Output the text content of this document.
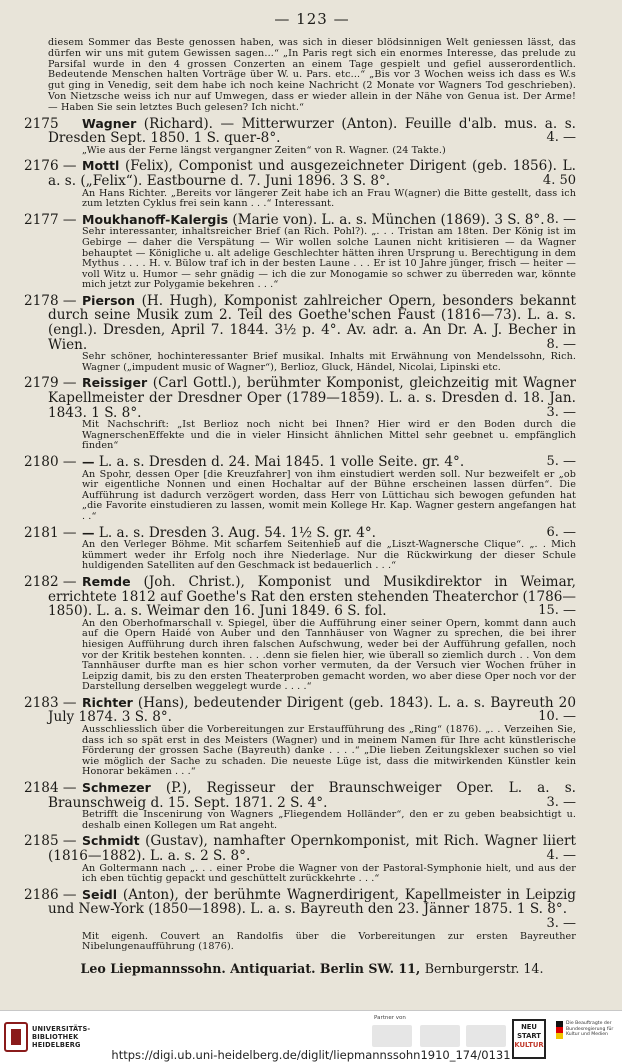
— 123 —

diesem Sommer das Beste genossen haben, was sich in dieser blödsinnigen Welt geniessen lässt, das dürfen wir uns mit gutem Gewissen sagen...“ „In Paris regt sich ein enormes Interesse, das prelude zu Parsifal wurde in den 4 grossen Conzerten an einem Tage gespielt und gefiel ausserordentlich. Bedeutende Menschen halten Vorträge über W. u. Pars. etc...“ „Bis vor 3 Wochen weiss ich dass es W.s gut ging in Venedig, seit dem habe ich noch keine Nachricht (2 Monate vor Wagners Tod geschrieben). Von Nietzsche weiss ich nur auf Umwegen, dass er wieder allein in der Nähe von Genua ist. Der Arme! — Haben Sie sein letztes Buch gelesen? Ich nicht.“

2175 Wagner (Richard). — Mitterwurzer (Anton). Feuille d'alb. mus. a. s. Dresden Sept. 1850. 1 S. quer-8°.	4. —

„Wie aus der Ferne längst vergangner Zeiten“ von R. Wagner. (24 Takte.)

2176 — Mottl (Felix), Componist und ausgezeichneter Dirigent (geb. 1856). L. a. s. („Felix“). Eastbourne d. 7. Juni 1896. 3 S. 8°.	4. 50

An Hans Richter. „Bereits vor längerer Zeit habe ich an Frau W(agner) die Bitte gestellt, dass ich zum letzten Cyklus frei sein kann . . .“ Interessant.

2177 — Moukhanoff-Kalergis (Marie von). L. a. s. München (1869). 3 S. 8°. 8. —

Sehr interessanter, inhaltsreicher Brief (an Rich. Pohl?). „. . . Tristan am 18ten. Der König ist im Gebirge — daher die Verspätung — Wir wollen solche Launen nicht kritisieren — da Wagner behauptet — Königliche u. alt adelige Geschlechter hätten ihren Ursprung u. Berechtigung in dem Mythus . . . . H. v. Bülow traf ich in der besten Laune . . . Er ist 10 Jahre jünger, frisch — heiter — voll Witz u. Humor — sehr gnädig — ich die zur Monogamie so schwer zu überreden war, könnte mich jetzt zur Polygamie bekehren . . .“

2178 — Pierson (H. Hugh), Komponist zahlreicher Opern, besonders bekannt durch seine Musik zum 2. Teil des Goethe'schen Faust (1816—73). L. a. s. (engl.). Dresden, April 7. 1844. 3½ p. 4°. Av. adr. a. An Dr. A. J. Becher in Wien.	8. —

Sehr schöner, hochinteressanter Brief musikal. Inhalts mit Erwähnung von Mendelssohn, Rich. Wagner („impudent music of Wagner“), Berlioz, Gluck, Händel, Nicolai, Lipinski etc.

2179 — Reissiger (Carl Gottl.), berühmter Komponist, gleichzeitig mit Wagner Kapellmeister der Dresdner Oper (1789—1859). L. a. s. Dresden d. 18. Jan. 1843. 1 S. 8°.	3. —

Mit Nachschrift: „Ist Berlioz noch nicht bei Ihnen? Hier wird er den Boden durch die WagnerschenEffekte und die in vieler Hinsicht ähnlichen Mittel sehr geebnet u. empfänglich finden“

2180 — — L. a. s. Dresden d. 24. Mai 1845. 1 volle Seite. gr. 4°.	5. —

An Spohr, dessen Oper [die Kreuzfahrer] von ihm einstudiert werden soll. Nur bezweifelt er „ob wir eigentliche Nonnen und einen Hochaltar auf der Bühne erscheinen lassen dürfen“. Die Aufführung ist dadurch verzögert worden, dass Herr von Lüttichau sich bewogen gefunden hat „die Favorite einstudieren zu lassen, womit mein Kollege Hr. Kap. Wagner gestern angefangen hat . .“

2181 — — L. a. s. Dresden 3. Aug. 54. 1½ S. gr. 4°.	6. —

An den Verleger Böhme. Mit scharfem Seitenhieb auf die „Liszt-Wagnersche Clique“. „. . Mich kümmert weder ihr Erfolg noch ihre Niederlage. Nur die Rückwirkung der dieser Schule huldigenden Satelliten auf den Geschmack ist bedauerlich . . .“

2182 — Remde (Joh. Christ.), Komponist und Musikdirektor in Weimar, errichtete 1812 auf Goethe's Rat den ersten stehenden Theaterchor (1786—1850). L. a. s. Weimar den 16. Juni 1849. 6 S. fol.	15. —

An den Oberhofmarschall v. Spiegel, über die Aufführung einer seiner Opern, kommt dann auch auf die Opern Haidé von Auber und den Tannhäuser von Wagner zu sprechen, die bei ihrer hiesigen Aufführung durch ihren falschen Aufschwung, weder bei der Aufführung gefallen, noch vor der Kritik bestehen konnten. . . .denn sie fielen hier, wie überall so ziemlich durch . . Von dem Tannhäuser durfte man es hier schon vorher vermuten, da der Versuch vier Wochen früher in Leipzig damit, bis zu den ersten Theaterproben gemacht worden, wo aber diese Oper noch vor der Darstellung derselben weggelegt wurde . . . .“

2183 — Richter (Hans), bedeutender Dirigent (geb. 1843). L. a. s. Bayreuth 20 July 1874. 3 S. 8°.	10. —

Ausschliesslich über die Vorbereitungen zur Erstaufführung des „Ring“ (1876). „. . Verzeihen Sie, dass ich so spät erst in des Meisters (Wagner) und in meinem Namen für Ihre acht künstlerische Förderung der grossen Sache (Bayreuth) danke . . . .“ „Die lieben Zeitungsklexer suchen so viel wie möglich der Sache zu schaden. Die neueste Lüge ist, dass die mitwirkenden Künstler kein Honorar bekämen . . .“

2184 — Schmezer (P.), Regisseur der Braunschweiger Oper. L. a. s. Braunschweig d. 15. Sept. 1871. 2 S. 4°.	3. —

Betrifft die Inscenirung von Wagners „Fliegendem Holländer“, den er zu geben beabsichtigt u. deshalb einen Kollegen um Rat angeht.

2185 — Schmidt (Gustav), namhafter Opernkomponist, mit Rich. Wagner liiert (1816—1882). L. a. s. 2 S. 8°.	4. —

An Goltermann nach „. . . einer Probe die Wagner von der Pastoral-Symphonie hielt, und aus der ich eben tüchtig gepackt und geschüttelt zurückkehrte . . .“

2186 — Seidl (Anton), der berühmte Wagnerdirigent, Kapellmeister in Leipzig und New-York (1850—1898). L. a. s. Bayreuth den 23. Jänner 1875. 1 S. 8°.
3. —

Mit eigenh. Couvert an Randolfis über die Vorbereitungen zur ersten Bayreuther Nibelungenaufführung (1876).

Leo Liepmannssohn. Antiquariat. Berlin SW. 11, Bernburgerstr. 14.
UNIVERSITÄTS-
BIBLIOTHEK
HEIDELBERG
Partner von
NEU
START
KULTUR
Die Beauftragte der Bundesregierung für Kultur und Medien
https://digi.ub.uni-heidelberg.de/diglit/liepmannssohn1910_174/0131
